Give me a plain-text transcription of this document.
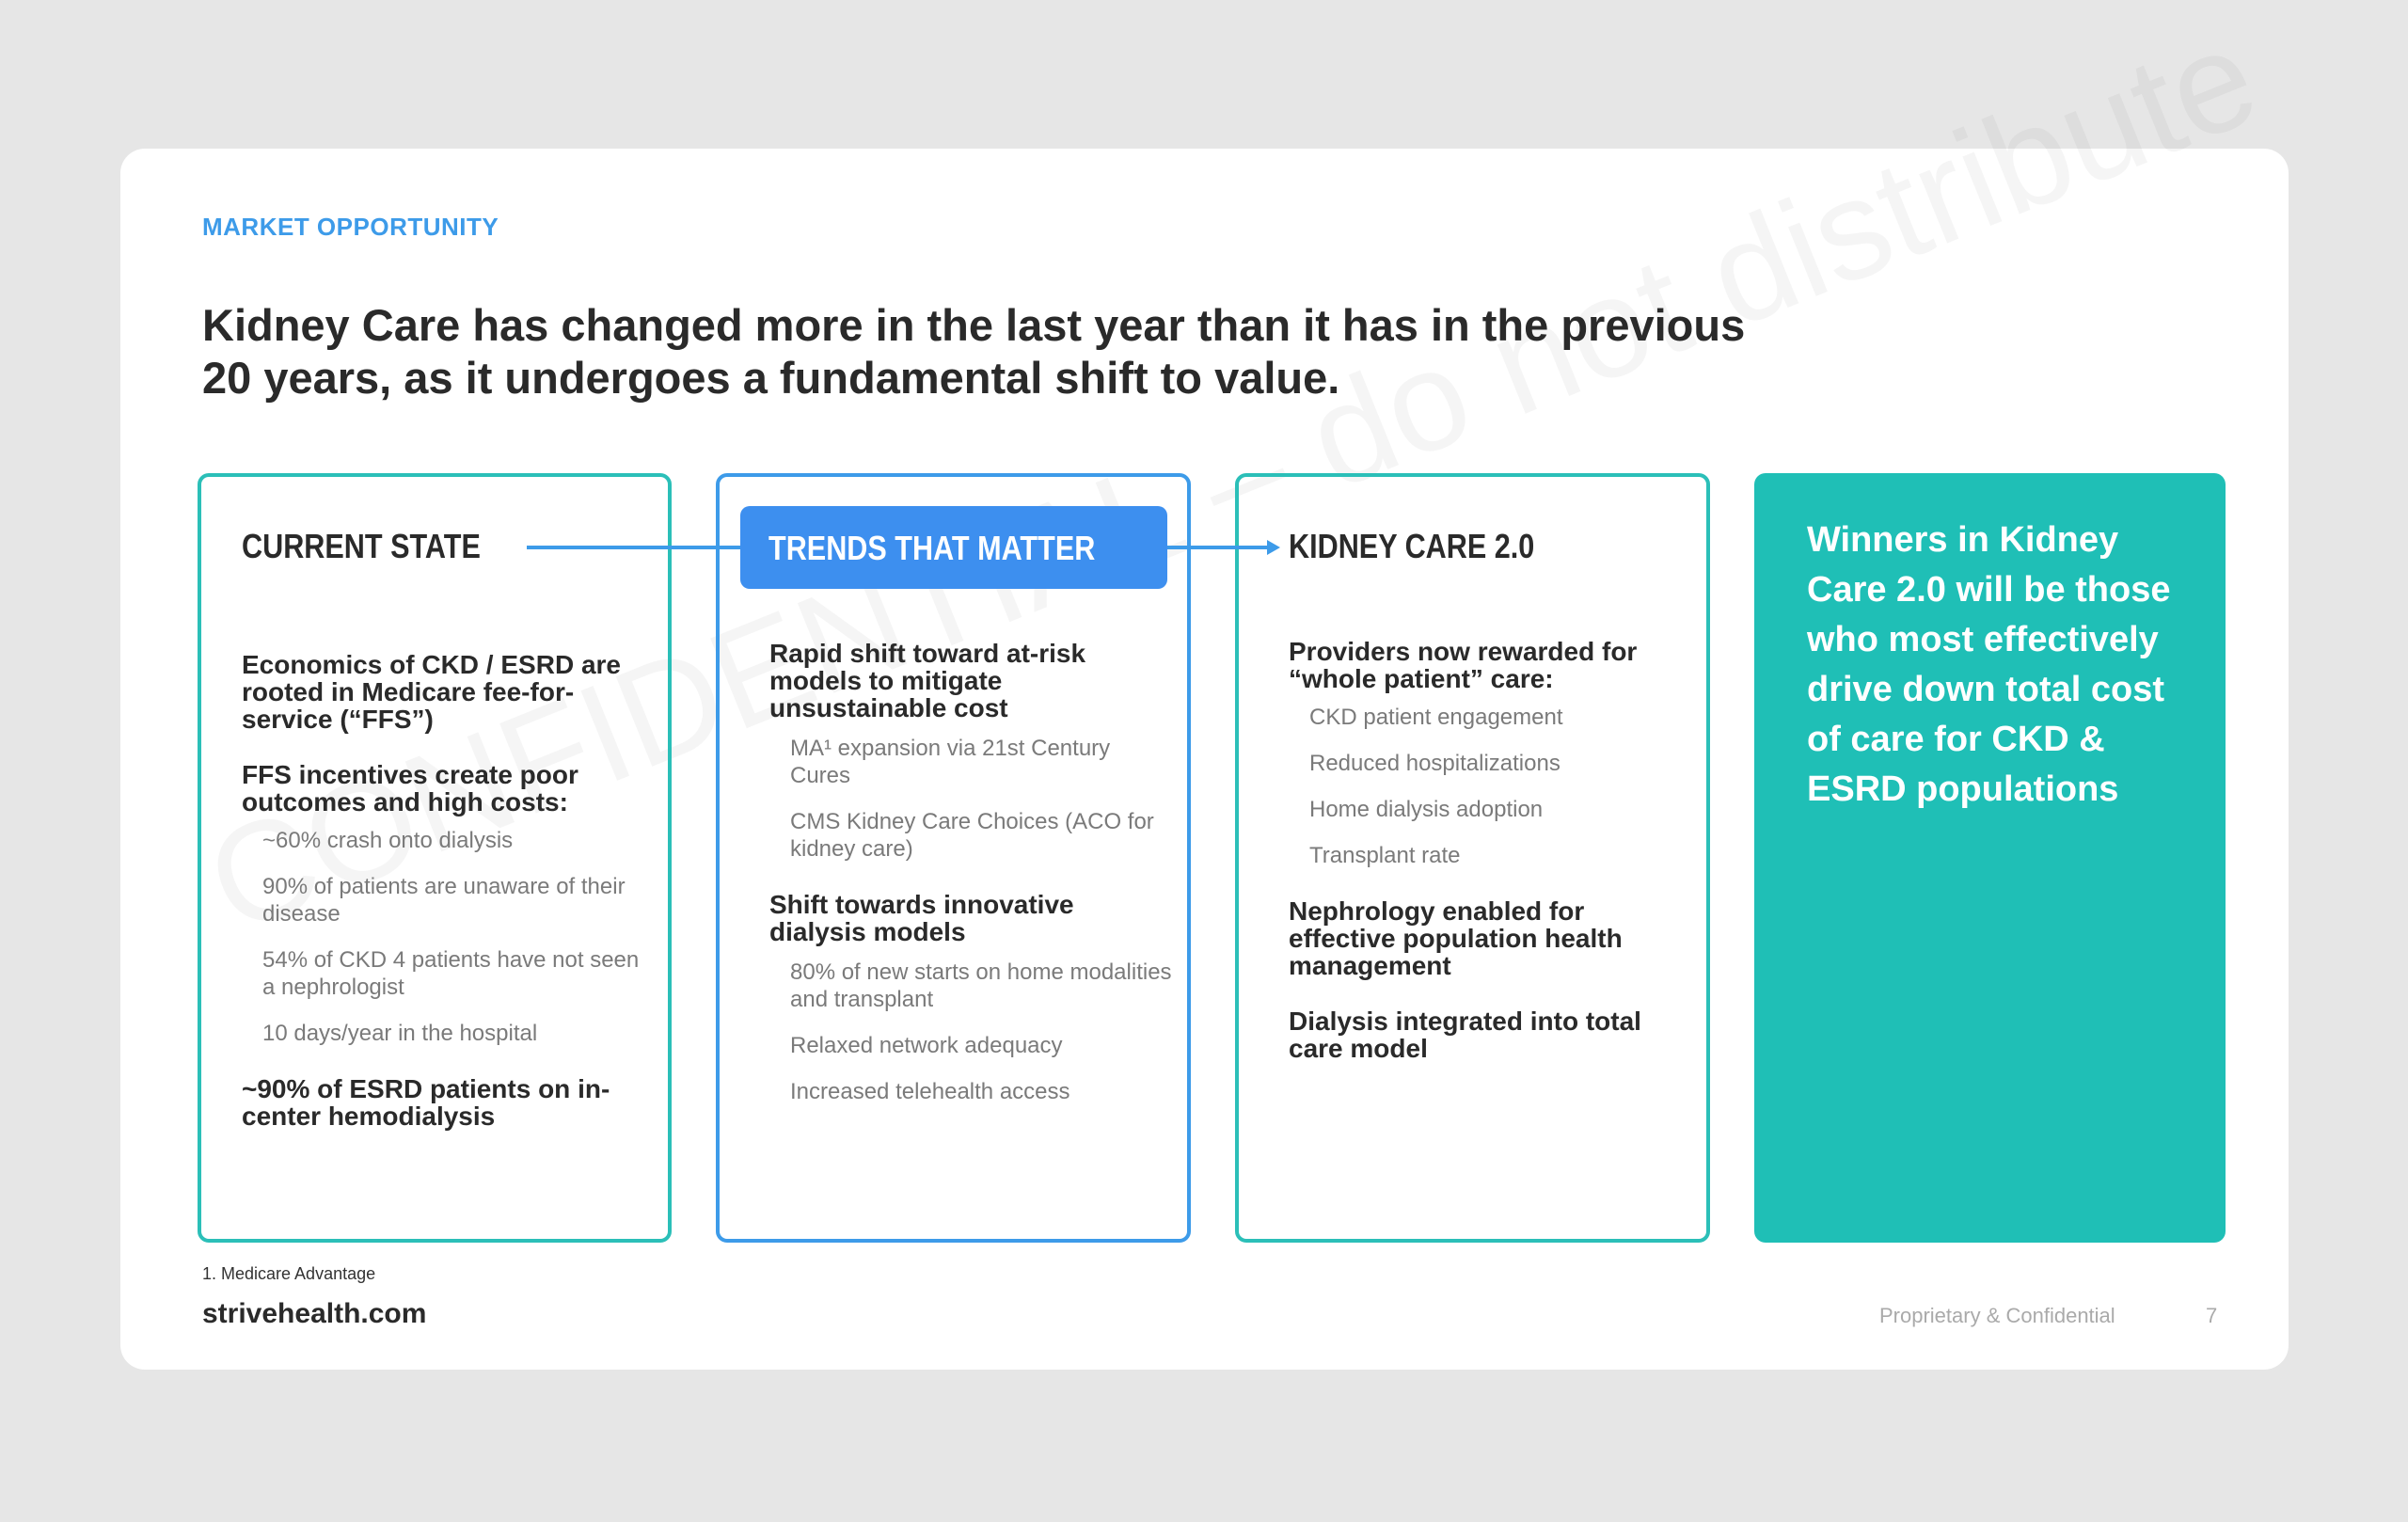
MARKET OPPORTUNITY
Kidney Care has changed more in the last year than it has in the previous 20 years, as it undergoes a fundamental shift to value.
CURRENT STATE	TRENDS THAT MATTER	KIDNEY CARE 2.0

Economics of CKD / ESRD are rooted in Medicare fee-for-service (“FFS”)

FFS incentives create poor outcomes and high costs:

~60% crash onto dialysis

90% of patients are unaware of their disease

54% of CKD 4 patients have not seen a nephrologist

10 days/year in the hospital

~90% of ESRD patients on in-center hemodialysis

Rapid shift toward at-risk models to mitigate unsustainable cost

MA¹ expansion via 21st Century Cures

CMS Kidney Care Choices (ACO for kidney care)

Shift towards innovative dialysis models

80% of new starts on home modalities and transplant

Relaxed network adequacy

Increased telehealth access

Providers now rewarded for “whole patient” care:

CKD patient engagement

Reduced hospitalizations

Home dialysis adoption

Transplant rate

Nephrology enabled for effective population health management

Dialysis integrated into total care model

Winners in Kidney Care 2.0 will be those who most effectively drive down total cost of care for CKD & ESRD populations
1. Medicare Advantage
strivehealth.com	Proprietary & Confidential	7
